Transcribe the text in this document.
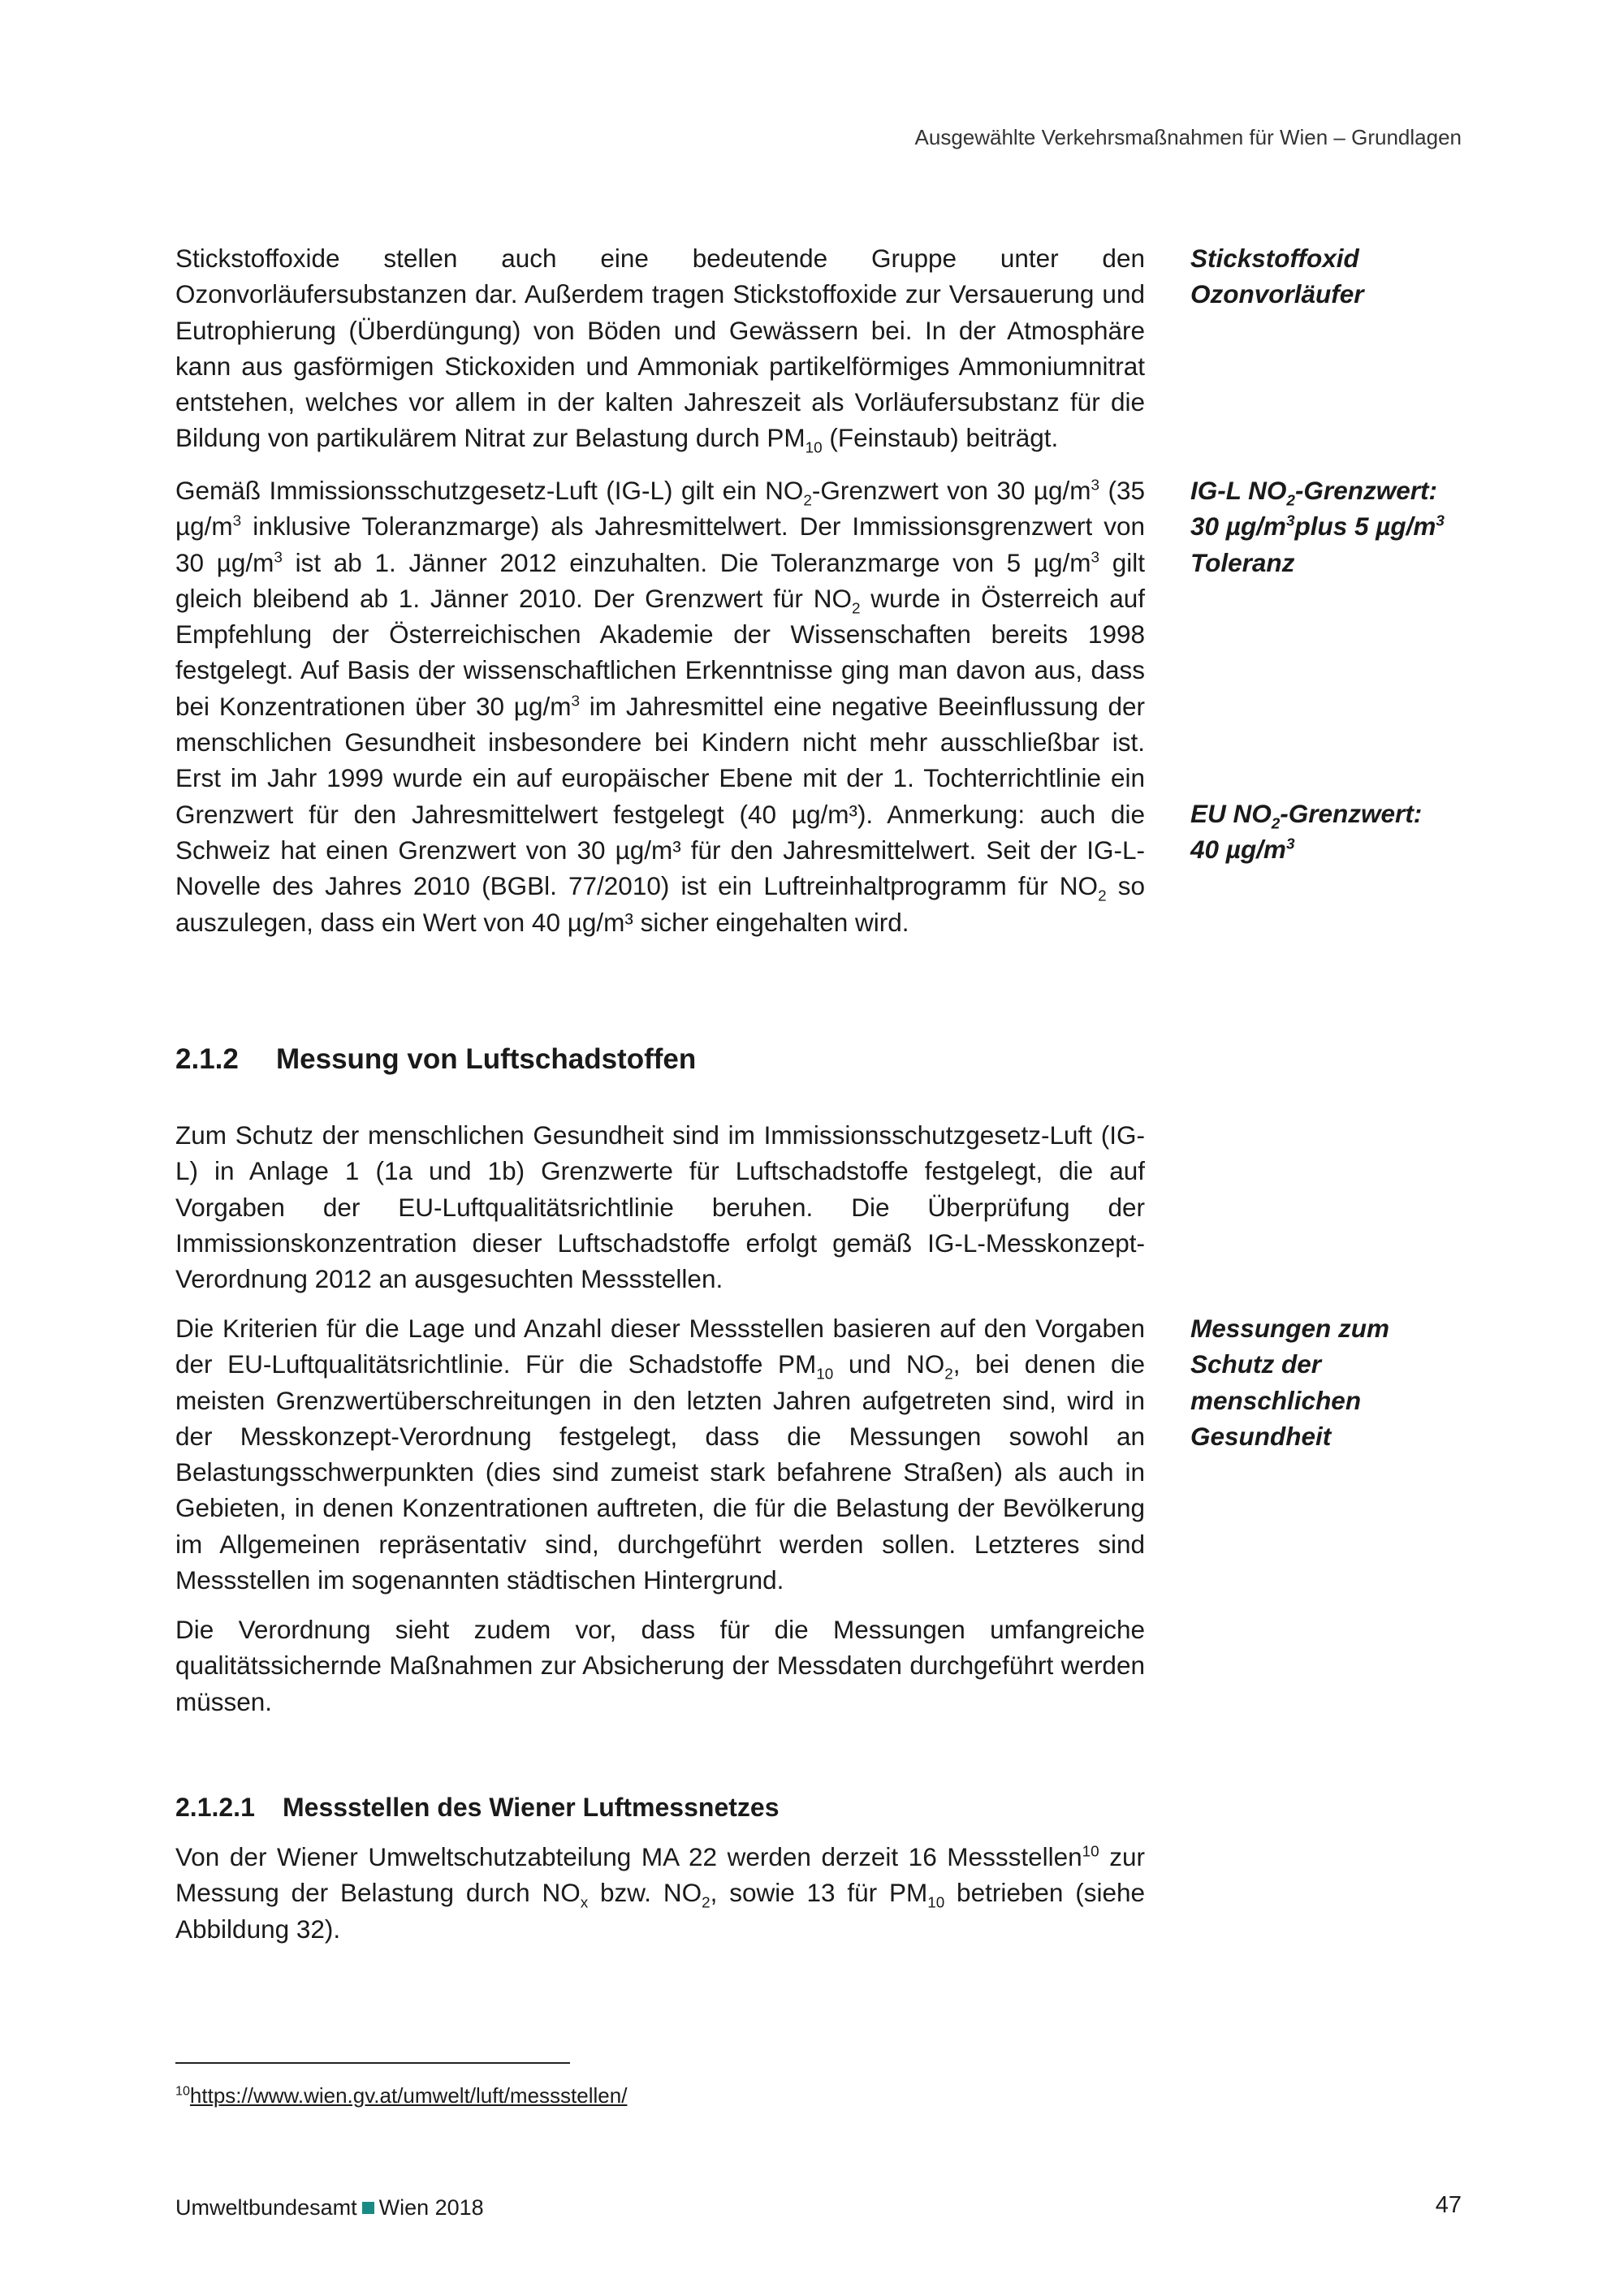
Ausgewählte Verkehrsmaßnahmen für Wien – Grundlagen

Stickstoffoxide stellen auch eine bedeutende Gruppe unter den Ozonvorläufersubstanzen dar. Außerdem tragen Stickstoffoxide zur Versauerung und Eutrophierung (Überdüngung) von Böden und Gewässern bei. In der Atmosphäre kann aus gasförmigen Stickoxiden und Ammoniak partikelförmiges Ammoniumnitrat entstehen, welches vor allem in der kalten Jahreszeit als Vorläufersubstanz für die Bildung von partikulärem Nitrat zur Belastung durch $PM_{10}$ (Feinstaub) beiträgt.

Stickstoffoxid
Ozonvorläufer

Gemäß Immissionsschutzgesetz-Luft (IG-L) gilt ein $NO_2$-Grenzwert von 30 $\mu g/m^3$ (35 $\mu g/m^3$ inklusive Toleranzmarge) als Jahresmittelwert. Der Immissionsgrenzwert von 30 $\mu g/m^3$ ist ab 1. Jänner 2012 einzuhalten. Die Toleranzmarge von 5 $\mu g/m^3$ gilt gleich bleibend ab 1. Jänner 2010. Der Grenzwert für $NO_2$ wurde in Österreich auf Empfehlung der Österreichischen Akademie der Wissenschaften bereits 1998 festgelegt. Auf Basis der wissenschaftlichen Erkenntnisse ging man davon aus, dass bei Konzentrationen über 30 $\mu g/m^3$ im Jahresmittel eine negative Beeinflussung der menschlichen Gesundheit insbesondere bei Kindern nicht mehr ausschließbar ist. Erst im Jahr 1999 wurde ein auf europäischer Ebene mit der 1. Tochterrichtlinie ein Grenzwert für den Jahresmittelwert festgelegt (40 µg/m³). Anmerkung: auch die Schweiz hat einen Grenzwert von 30 µg/m³ für den Jahresmittelwert. Seit der IG-L-Novelle des Jahres 2010 (BGBl. 77/2010) ist ein Luftreinhaltprogramm für $NO_2$ so auszulegen, dass ein Wert von 40 µg/m³ sicher eingehalten wird.

IG-L $NO_2$-Grenzwert:
30 $\mu g/m^3plus$ 5 $\mu g/m^3$
Toleranz
EU $NO_2$-Grenzwert:
40 $\mu g/m^3$
2.1.2 Messung von Luftschadstoffen

Zum Schutz der menschlichen Gesundheit sind im Immissionsschutzgesetz-Luft (IG-L) in Anlage 1 (1a und 1b) Grenzwerte für Luftschadstoffe festgelegt, die auf Vorgaben der EU-Luftqualitätsrichtlinie beruhen. Die Überprüfung der Immissionskonzentration dieser Luftschadstoffe erfolgt gemäß IG-L-Messkonzept-Verordnung 2012 an ausgesuchten Messstellen.

Die Kriterien für die Lage und Anzahl dieser Messstellen basieren auf den Vorgaben der EU-Luftqualitätsrichtlinie. Für die Schadstoffe $PM_{10}$ und $NO_2$, bei denen die meisten Grenzwertüberschreitungen in den letzten Jahren aufgetreten sind, wird in der Messkonzept-Verordnung festgelegt, dass die Messungen sowohl an Belastungsschwerpunkten (dies sind zumeist stark befahrene Straßen) als auch in Gebieten, in denen Konzentrationen auftreten, die für die Belastung der Bevölkerung im Allgemeinen repräsentativ sind, durchgeführt werden sollen. Letzteres sind Messstellen im sogenannten städtischen Hintergrund.

Messungen zum
Schutz der
menschlichen
Gesundheit

Die Verordnung sieht zudem vor, dass für die Messungen umfangreiche qualitätssichernde Maßnahmen zur Absicherung der Messdaten durchgeführt werden müssen.

2.1.2.1 Messstellen des Wiener Luftmessnetzes

Von der Wiener Umweltschutzabteilung MA 22 werden derzeit 16 Messstellen$^{10}$ zur Messung der Belastung durch $NO_x$ bzw. $NO_2$, sowie 13 für $PM_{10}$ betrieben (siehe Abbildung 32).

$^{10}$https://www.wien.gv.at/umwelt/luft/messstellen/

Umweltbundesamt Wien 2018	47
